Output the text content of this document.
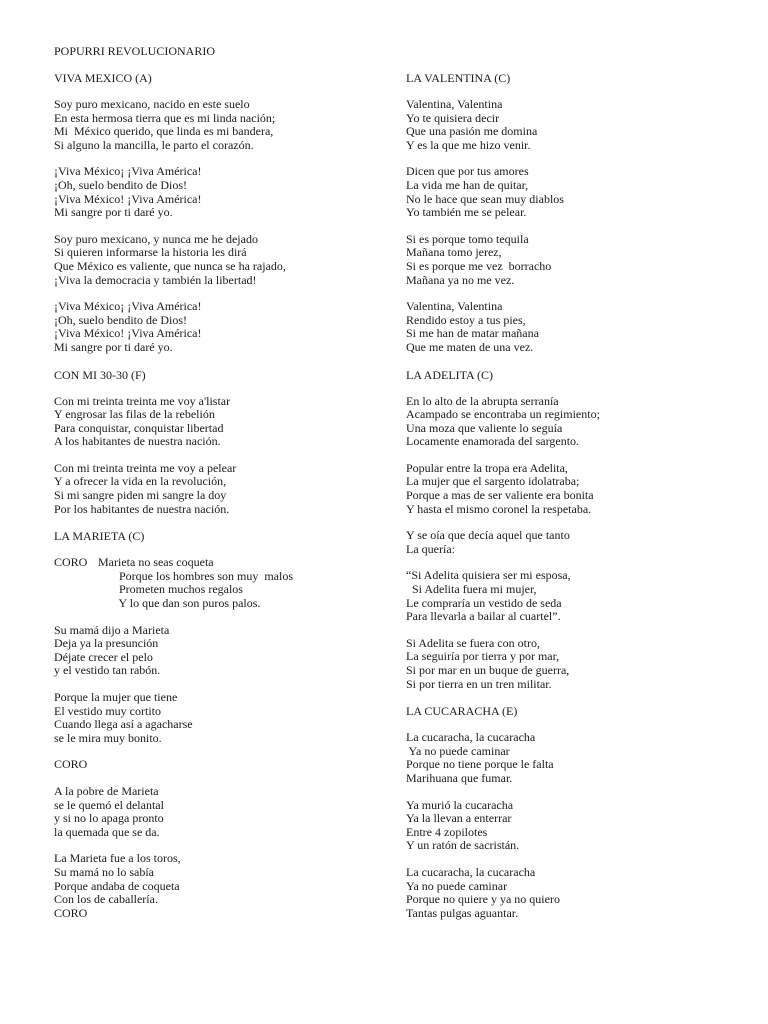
POPURRI REVOLUCIONARIO
VIVA MEXICO (A)
Soy puro mexicano, nacido en este suelo
En esta hermosa tierra que es mi linda nación;
Mi  México querido, que linda es mi bandera,
Si alguno la mancilla, le parto el corazón.
¡Viva México¡ ¡Viva América!
¡Oh, suelo bendito de Dios!
¡Viva México! ¡Viva América!
Mi sangre por ti daré yo.
Soy puro mexicano, y nunca me he dejado
Si quieren informarse la historia les dirá
Que México es valiente, que nunca se ha rajado,
¡Viva la democracia y también la libertad!
¡Viva México¡ ¡Viva América!
¡Oh, suelo bendito de Dios!
¡Viva México! ¡Viva América!
Mi sangre por ti daré yo.
CON MI 30-30 (F)
Con mi treinta treinta me voy a'listar
Y engrosar las filas de la rebelión
Para conquistar, conquistar libertad
A los habitantes de nuestra nación.
Con mi treinta treinta me voy a pelear
Y a ofrecer la vida en la revolución,
Si mi sangre piden mi sangre la doy
Por los habitantes de nuestra nación.
LA MARIETA (C)
CORO Marieta no seas coqueta
Porque los hombres son muy  malos
Prometen muchos regalos
Y lo que dan son puros palos.
Su mamá dijo a Marieta
Deja ya la presunción
Déjate crecer el pelo
y el vestido tan rabón.
Porque la mujer que tiene
El vestido muy cortito
Cuando llega así a agacharse
se le mira muy bonito.
CORO
A la pobre de Marieta
se le quemó el delantal
y si no lo apaga pronto
la quemada que se da.
La Marieta fue a los toros,
Su mamá no lo sabía
Porque andaba de coqueta
Con los de caballería.
CORO
LA VALENTINA (C)
Valentina, Valentina
Yo te quisiera decir
Que una pasión me domina
Y es la que me hizo venir.
Dicen que por tus amores
La vida me han de quitar,
No le hace que sean muy diablos
Yo también me se pelear.
Si es porque tomo tequila
Mañana tomo jerez,
Si es porque me vez  borracho
Mañana ya no me vez.
Valentina, Valentina
Rendido estoy a tus pies,
Si me han de matar mañana
Que me maten de una vez.
LA ADELITA (C)
En lo alto de la abrupta serranía
Acampado se encontraba un regimiento;
Una moza que valiente lo seguía
Locamente enamorada del sargento.
Popular entre la tropa era Adelita,
La mujer que el sargento idolatraba;
Porque a mas de ser valiente era bonita
Y hasta el mismo coronel la respetaba.
Y se oía que decía aquel que tanto
La quería:
“Si Adelita quisiera ser mi esposa,
Si Adelita fuera mi mujer,
Le compraría un vestido de seda
Para llevarla a bailar al cuartel”.
Si Adelita se fuera con otro,
La seguiría por tierra y por mar,
Si por mar en un buque de guerra,
Si por tierra en un tren militar.
LA CUCARACHA (E)
La cucaracha, la cucaracha
Ya no puede caminar
Porque no tiene porque le falta
Marihuana que fumar.
Ya murió la cucaracha
Ya la llevan a enterrar
Entre 4 zopilotes
Y un ratón de sacristán.
La cucaracha, la cucaracha
Ya no puede caminar
Porque no quiere y ya no quiero
Tantas pulgas aguantar.
